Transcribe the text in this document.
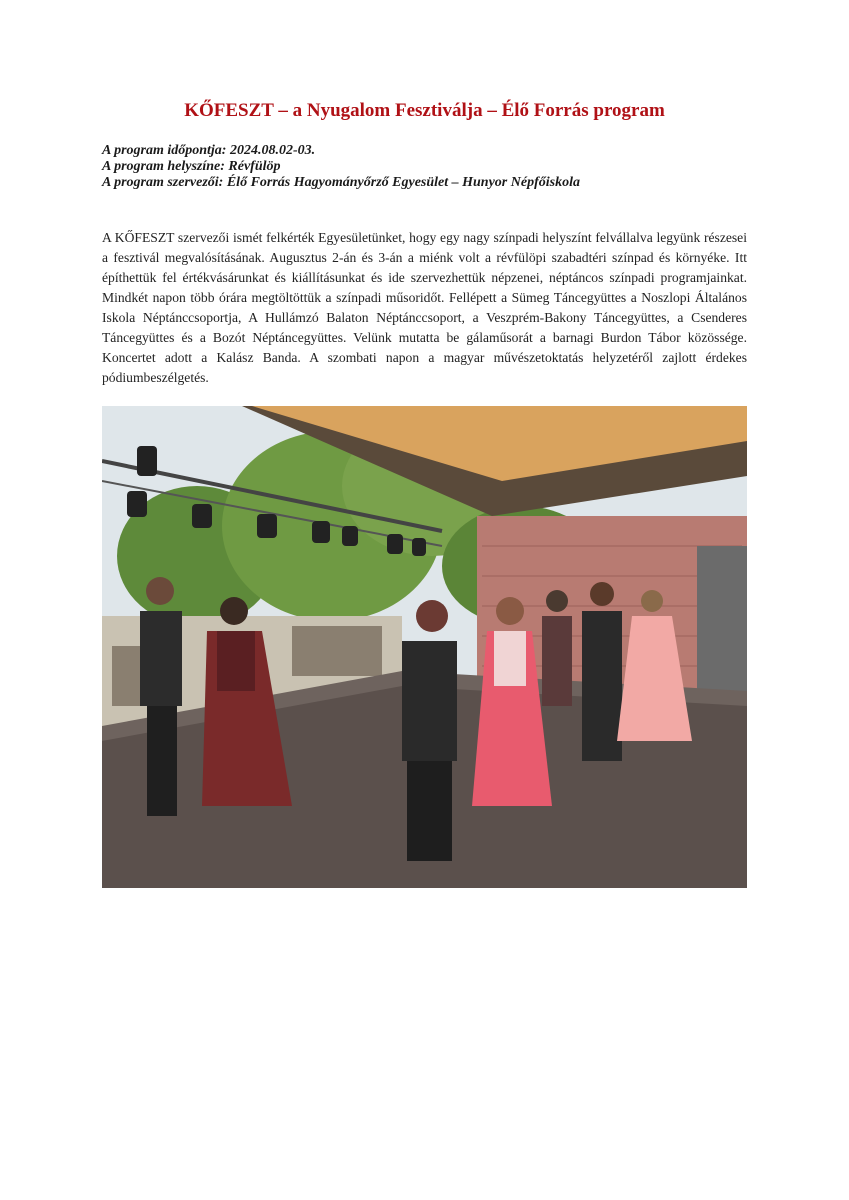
KŐFESZT – a Nyugalom Fesztiválja – Élő Forrás program
A program időpontja: 2024.08.02-03.
A program helyszíne: Révfülöp
A program szervezői: Élő Forrás Hagyományőrző Egyesület – Hunyor Népfőiskola

A KŐFESZT szervezői ismét felkérték Egyesületünket, hogy egy nagy színpadi helyszínt felvállalva legyünk részesei a fesztivál megvalósításának. Augusztus 2-án és 3-án a miénk volt a révfülöpi szabadtéri színpad és környéke. Itt építhettük fel értékvásárunkat és kiállításunkat és ide szervezhettük népzenei, néptáncos színpadi programjainkat. Mindkét napon több órára megtöltöttük a színpadi műsoridőt. Fellépett a Sümeg Táncegyüttes a Noszlopi Általános Iskola Néptánccsoportja, A Hullámzó Balaton Néptánccsoport, a Veszprém-Bakony Táncegyüttes, a Csenderes Táncegyüttes és a Bozót Néptáncegyüttes. Velünk mutatta be gálaműsorát a barnagi Burdon Tábor közössége. Koncertet adott a Kalász Banda. A szombati napon a magyar művészetoktatás helyzetéről zajlott érdekes pódiumbeszélgetés.
